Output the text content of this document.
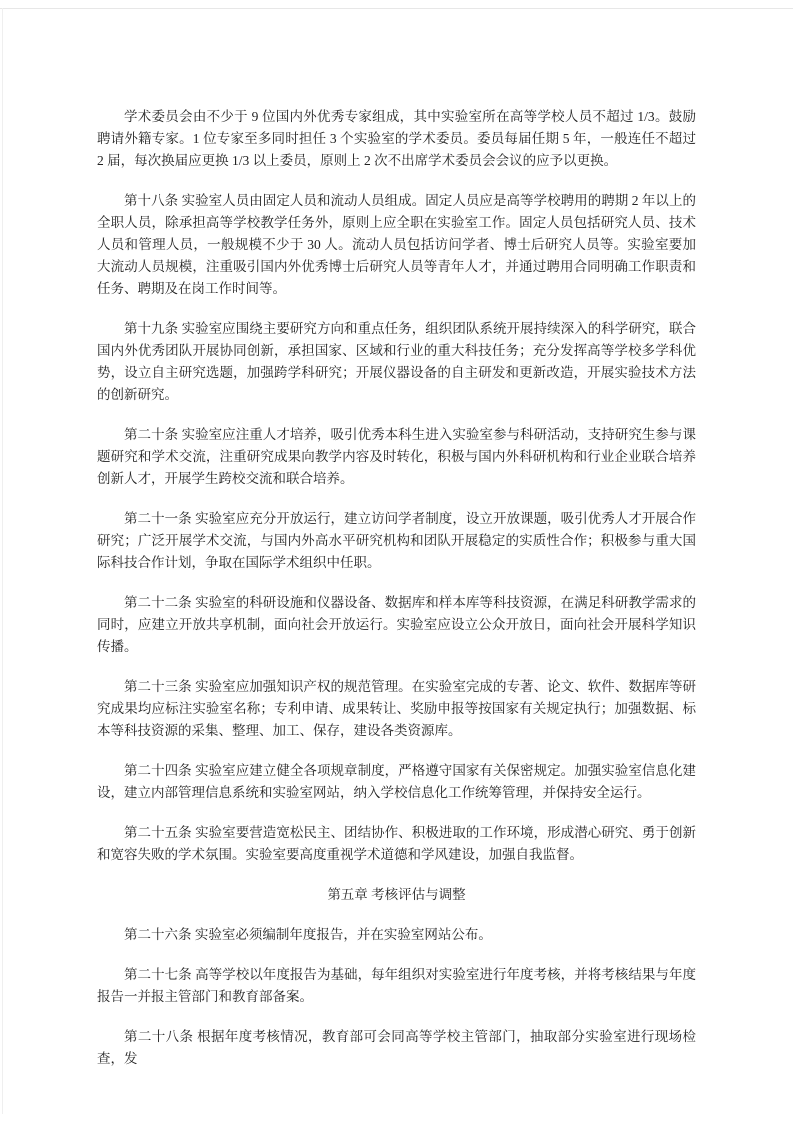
学术委员会由不少于 9 位国内外优秀专家组成，其中实验室所在高等学校人员不超过 1/3。鼓励聘请外籍专家。1 位专家至多同时担任 3 个实验室的学术委员。委员每届任期 5 年，一般连任不超过 2 届，每次换届应更换 1/3 以上委员，原则上 2 次不出席学术委员会会议的应予以更换。
第十八条 实验室人员由固定人员和流动人员组成。固定人员应是高等学校聘用的聘期 2 年以上的全职人员，除承担高等学校教学任务外，原则上应全职在实验室工作。固定人员包括研究人员、技术人员和管理人员，一般规模不少于 30 人。流动人员包括访问学者、博士后研究人员等。实验室要加大流动人员规模，注重吸引国内外优秀博士后研究人员等青年人才，并通过聘用合同明确工作职责和任务、聘期及在岗工作时间等。
第十九条 实验室应围绕主要研究方向和重点任务，组织团队系统开展持续深入的科学研究，联合国内外优秀团队开展协同创新，承担国家、区域和行业的重大科技任务；充分发挥高等学校多学科优势，设立自主研究选题，加强跨学科研究；开展仪器设备的自主研发和更新改造，开展实验技术方法的创新研究。
第二十条 实验室应注重人才培养，吸引优秀本科生进入实验室参与科研活动，支持研究生参与课题研究和学术交流，注重研究成果向教学内容及时转化，积极与国内外科研机构和行业企业联合培养创新人才，开展学生跨校交流和联合培养。
第二十一条 实验室应充分开放运行，建立访问学者制度，设立开放课题，吸引优秀人才开展合作研究；广泛开展学术交流，与国内外高水平研究机构和团队开展稳定的实质性合作；积极参与重大国际科技合作计划，争取在国际学术组织中任职。
第二十二条 实验室的科研设施和仪器设备、数据库和样本库等科技资源，在满足科研教学需求的同时，应建立开放共享机制，面向社会开放运行。实验室应设立公众开放日，面向社会开展科学知识传播。
第二十三条 实验室应加强知识产权的规范管理。在实验室完成的专著、论文、软件、数据库等研究成果均应标注实验室名称；专利申请、成果转让、奖励申报等按国家有关规定执行；加强数据、标本等科技资源的采集、整理、加工、保存，建设各类资源库。
第二十四条 实验室应建立健全各项规章制度，严格遵守国家有关保密规定。加强实验室信息化建设，建立内部管理信息系统和实验室网站，纳入学校信息化工作统筹管理，并保持安全运行。
第二十五条 实验室要营造宽松民主、团结协作、积极进取的工作环境，形成潜心研究、勇于创新和宽容失败的学术氛围。实验室要高度重视学术道德和学风建设，加强自我监督。
第五章 考核评估与调整
第二十六条 实验室必须编制年度报告，并在实验室网站公布。
第二十七条 高等学校以年度报告为基础，每年组织对实验室进行年度考核，并将考核结果与年度报告一并报主管部门和教育部备案。
第二十八条 根据年度考核情况，教育部可会同高等学校主管部门，抽取部分实验室进行现场检查，发
